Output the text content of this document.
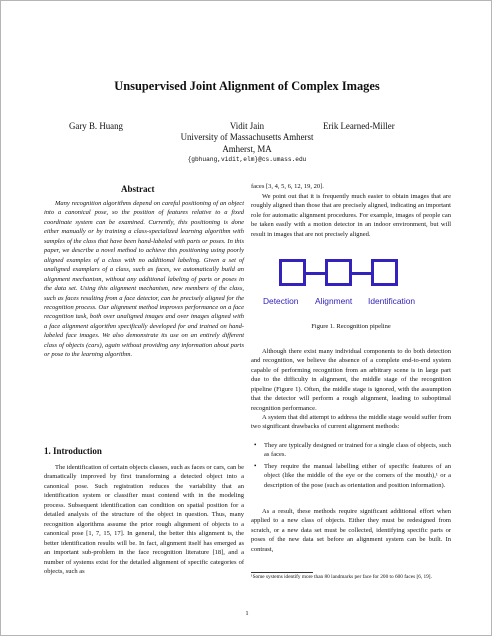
Unsupervised Joint Alignment of Complex Images
Gary B. Huang	Vidit Jain
University of Massachusetts Amherst
Amherst, MA
Erik Learned-Miller
{gbhuang,vidit,elm}@cs.umass.edu
Abstract
Many recognition algorithms depend on careful positioning of an object into a canonical pose, so the position of features relative to a fixed coordinate system can be examined. Currently, this positioning is done either manually or by training a class-specialized learning algorithm with samples of the class that have been hand-labeled with parts or poses. In this paper, we describe a novel method to achieve this positioning using poorly aligned examples of a class with no additional labeling. Given a set of unaligned examplars of a class, such as faces, we automatically build an alignment mechanism, without any additional labeling of parts or poses in the data set. Using this alignment mechanism, new members of the class, such as faces resulting from a face detector, can be precisely aligned for the recognition process. Our alignment method improves performance on a face recognition task, both over unaligned images and over images aligned with a face alignment algorithm specifically developed for and trained on hand-labeled face images. We also demonstrate its use on an entirely different class of objects (cars), again without providing any information about parts or pose to the learning algorithm.
1. Introduction
The identification of certain objects classes, such as faces or cars, can be dramatically improved by first transforming a detected object into a canonical pose. Such registration reduces the variability that an identification system or classifier must contend with in the modeling process. Subsequent identification can condition on spatial position for a detailed analysis of the structure of the object in question. Thus, many recognition algorithms assume the prior rough alignment of objects to a canonical pose [1, 7, 15, 17]. In general, the better this alignment is, the better identification results will be. In fact, alignment itself has emerged as an important sub-problem in the face recognition literature [18], and a number of systems exist for the detailed alignment of specific categories of objects, such as
faces [3, 4, 5, 6, 12, 19, 20].
We point out that it is frequently much easier to obtain images that are roughly aligned than those that are precisely aligned, indicating an important role for automatic alignment procedures. For example, images of people can be taken easily with a motion detector in an indoor environment, but will result in images that are not precisely aligned.
Detection Alignment Identification
Figure 1. Recognition pipeline
Although there exist many individual components to do both detection and recognition, we believe the absence of a complete end-to-end system capable of performing recognition from an arbitrary scene is in large part due to the difficulty in alignment, the middle stage of the recognition pipeline (Figure 1). Often, the middle stage is ignored, with the assumption that the detector will perform a rough alignment, leading to suboptimal recognition performance.
A system that did attempt to address the middle stage would suffer from two significant drawbacks of current alignment methods:
• They are typically designed or trained for a single class of objects, such as faces.
• They require the manual labelling either of specific features of an object (like the middle of the eye or the corners of the mouth),¹ or a description of the pose (such as orientation and position information).
As a result, these methods require significant additional effort when applied to a new class of objects. Either they must be redesigned from scratch, or a new data set must be collected, identifying specific parts or poses of the new data set before an alignment system can be built. In contrast,
¹Some systems identify more than 80 landmarks per face for 200 to 600 faces [6, 19].
1
